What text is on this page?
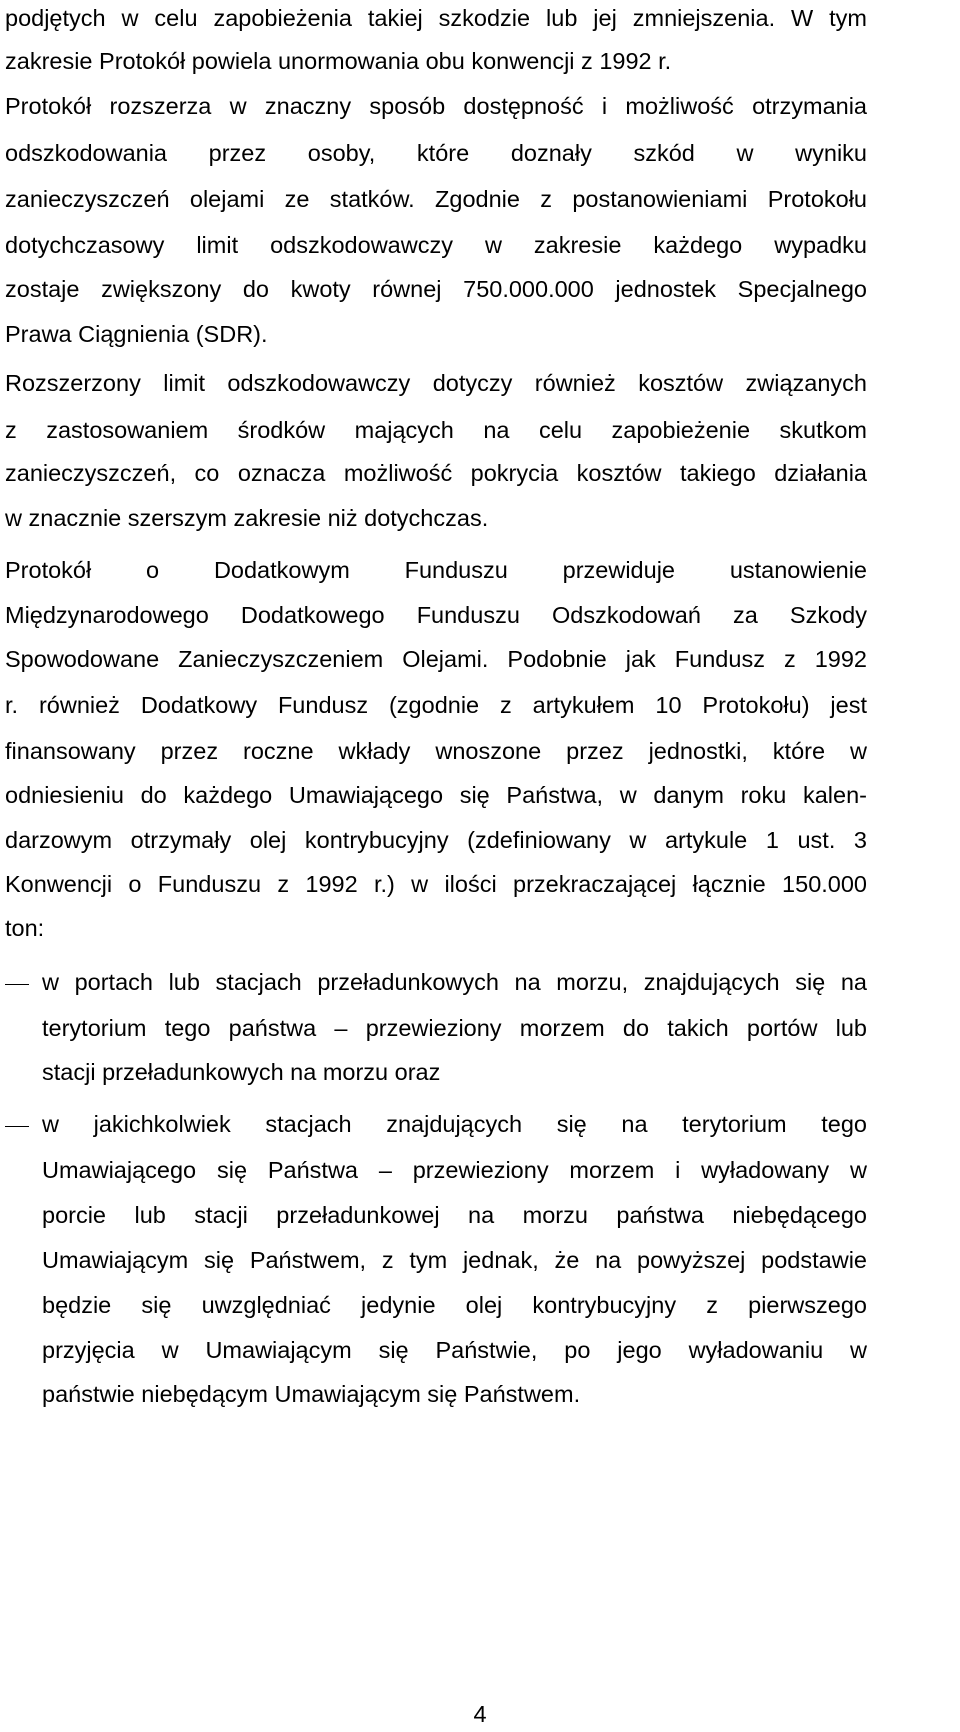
podjętych w celu zapobieżenia takiej szkodzie lub jej zmniejszenia. W tym
zakresie Protokół powiela unormowania obu konwencji z 1992 r.
Protokół rozszerza w znaczny sposób dostępność i możliwość otrzymania
odszkodowania przez osoby, które doznały szkód w wyniku
zanieczyszczeń olejami ze statków. Zgodnie z postanowieniami Protokołu
dotychczasowy limit odszkodowawczy w zakresie każdego wypadku
zostaje zwiększony do kwoty równej 750.000.000 jednostek Specjalnego
Prawa Ciągnienia (SDR).
Rozszerzony limit odszkodowawczy dotyczy również kosztów związanych
z zastosowaniem środków mających na celu zapobieżenie skutkom
zanieczyszczeń, co oznacza możliwość pokrycia kosztów takiego działania
w znacznie szerszym zakresie niż dotychczas.
Protokół o Dodatkowym Funduszu przewiduje ustanowienie
Międzynarodowego Dodatkowego Funduszu Odszkodowań za Szkody
Spowodowane Zanieczyszczeniem Olejami. Podobnie jak Fundusz z 1992
r. również Dodatkowy Fundusz (zgodnie z artykułem 10 Protokołu) jest
finansowany przez roczne wkłady wnoszone przez jednostki, które w
odniesieniu do każdego Umawiającego się Państwa, w danym roku kalen-
darzowym otrzymały olej kontrybucyjny (zdefiniowany w artykule 1 ust. 3
Konwencji o Funduszu z 1992 r.) w ilości przekraczającej łącznie 150.000
ton:
w portach lub stacjach przeładunkowych na morzu, znajdujących się na
terytorium tego państwa – przewieziony morzem do takich portów lub
stacji przeładunkowych na morzu oraz
w jakichkolwiek stacjach znajdujących się na terytorium tego
Umawiającego się Państwa – przewieziony morzem i wyładowany w
porcie lub stacji przeładunkowej na morzu państwa niebędącego
Umawiającym się Państwem, z tym jednak, że na powyższej podstawie
będzie się uwzględniać jedynie olej kontrybucyjny z pierwszego
przyjęcia w Umawiającym się Państwie, po jego wyładowaniu w
państwie niebędącym Umawiającym się Państwem.
4
